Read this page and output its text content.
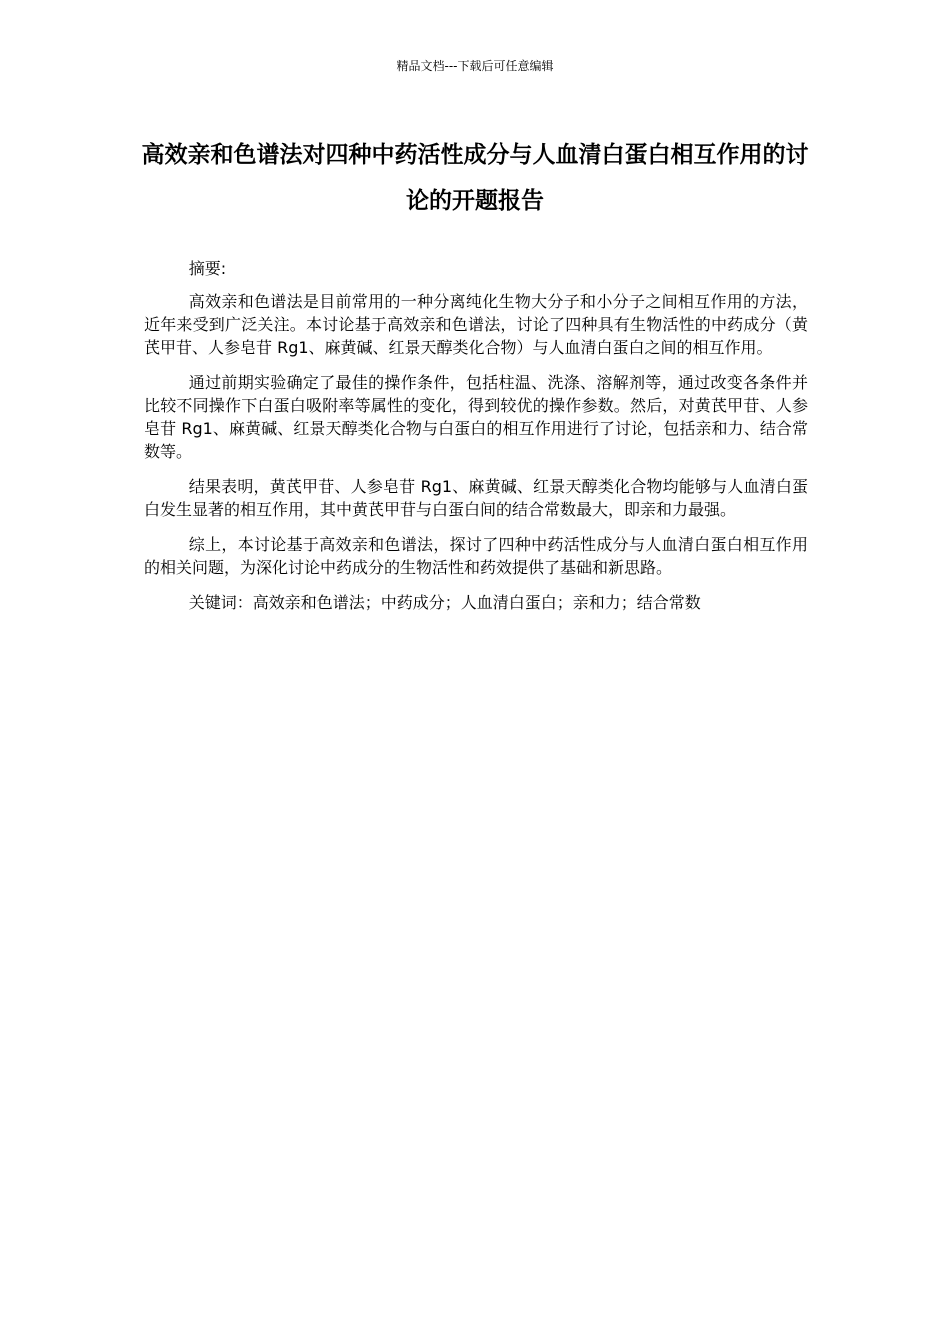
精品文档---下载后可任意编辑
高效亲和色谱法对四种中药活性成分与人血清白蛋白相互作用的讨论的开题报告

摘要:

高效亲和色谱法是目前常用的一种分离纯化生物大分子和小分子之间相互作用的方法，近年来受到广泛关注。本讨论基于高效亲和色谱法，讨论了四种具有生物活性的中药成分（黄芪甲苷、人参皂苷 Rg1、麻黄碱、红景天醇类化合物）与人血清白蛋白之间的相互作用。

通过前期实验确定了最佳的操作条件，包括柱温、洗涤、溶解剂等，通过改变各条件并比较不同操作下白蛋白吸附率等属性的变化，得到较优的操作参数。然后，对黄芪甲苷、人参皂苷 Rg1、麻黄碱、红景天醇类化合物与白蛋白的相互作用进行了讨论，包括亲和力、结合常数等。

结果表明，黄芪甲苷、人参皂苷 Rg1、麻黄碱、红景天醇类化合物均能够与人血清白蛋白发生显著的相互作用，其中黄芪甲苷与白蛋白间的结合常数最大，即亲和力最强。

综上，本讨论基于高效亲和色谱法，探讨了四种中药活性成分与人血清白蛋白相互作用的相关问题，为深化讨论中药成分的生物活性和药效提供了基础和新思路。

关键词：高效亲和色谱法；中药成分；人血清白蛋白；亲和力；结合常数
